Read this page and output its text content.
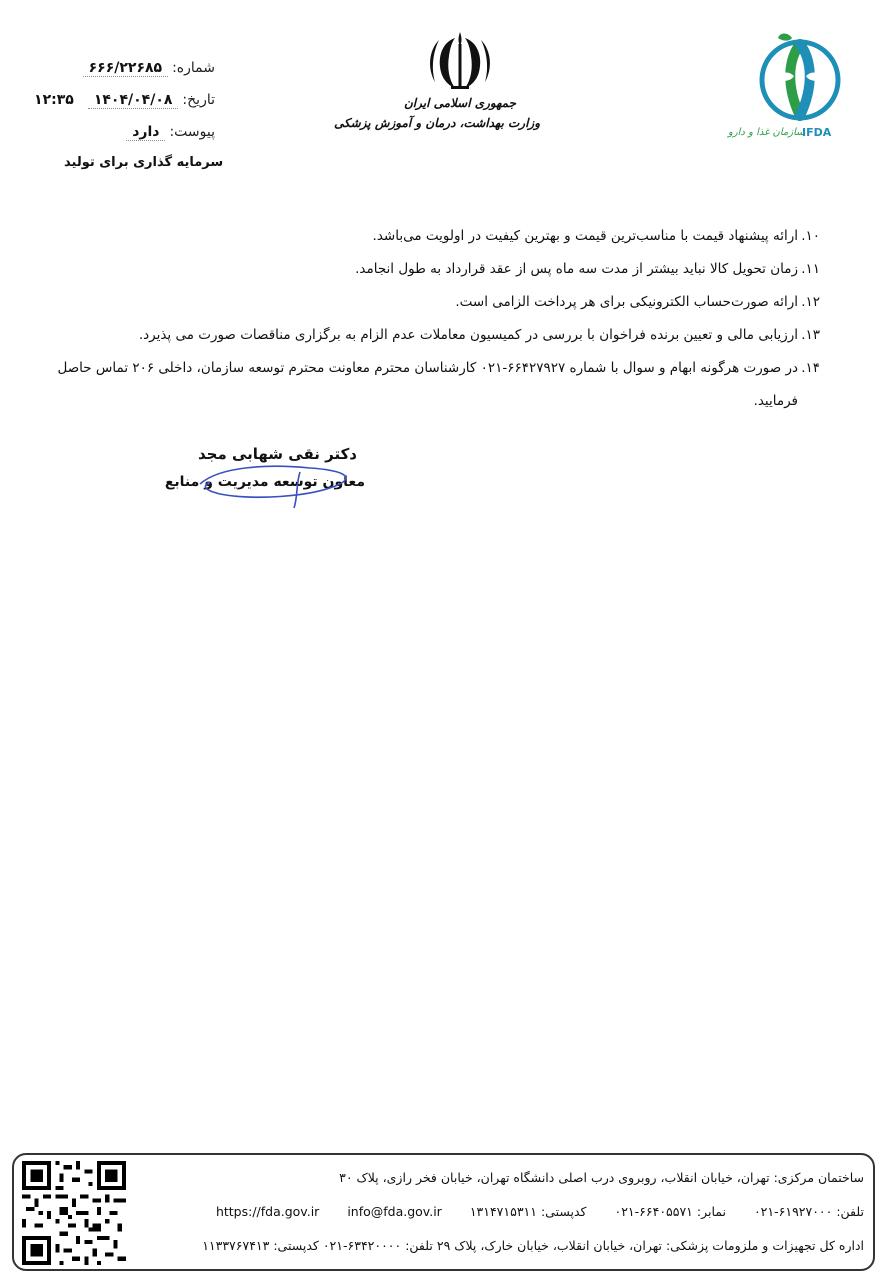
شماره:
۶۶۶/۲۲۶۸۵
تاریخ:
۱۴۰۴/۰۴/۰۸
۱۲:۳۵
پیوست:
دارد
سرمایه گذاری برای تولید
جمهوری اسلامی ایران
وزارت بهداشت، درمان و آموزش پزشکی
سازمان غذا و دارو
IFDA
۱۰.
ارائه پیشنهاد قیمت با مناسب‌ترین قیمت و بهترین کیفیت در اولویت می‌باشد.
۱۱.
زمان تحویل کالا نباید بیشتر از مدت سه ماه پس از عقد قرارداد به طول انجامد.
۱۲.
ارائه صورت‌حساب الکترونیکی برای هر پرداخت الزامی است.
۱۳.
ارزیابی مالی و تعیین برنده فراخوان با بررسی در کمیسیون معاملات عدم الزام به برگزاری مناقصات صورت می پذیرد.
۱۴.
در صورت هرگونه ابهام و سوال با شماره ۶۶۴۲۷۹۲۷-۰۲۱ کارشناسان محترم معاونت محترم توسعه سازمان، داخلی ۲۰۶ تماس حاصل فرمایید.
دکتر نقی شهابی مجد
معاون توسعه مدیریت و منابع
ساختمان مرکزی: تهران، خیابان انقلاب، روبروی درب اصلی دانشگاه تهران، خیابان فخر رازی، پلاک ۳۰
تلفن: ۶۱۹۲۷۰۰۰-۰۲۱
نمابر: ۶۶۴۰۵۵۷۱-۰۲۱
کدپستی: ۱۳۱۴۷۱۵۳۱۱
info@fda.gov.ir
https://fda.gov.ir
اداره کل تجهیزات و ملزومات پزشکی: تهران، خیابان انقلاب، خیابان خارک، پلاک ۲۹ تلفن: ۶۳۴۲۰۰۰۰-۰۲۱ کدپستی: ۱۱۳۳۷۶۷۴۱۳
